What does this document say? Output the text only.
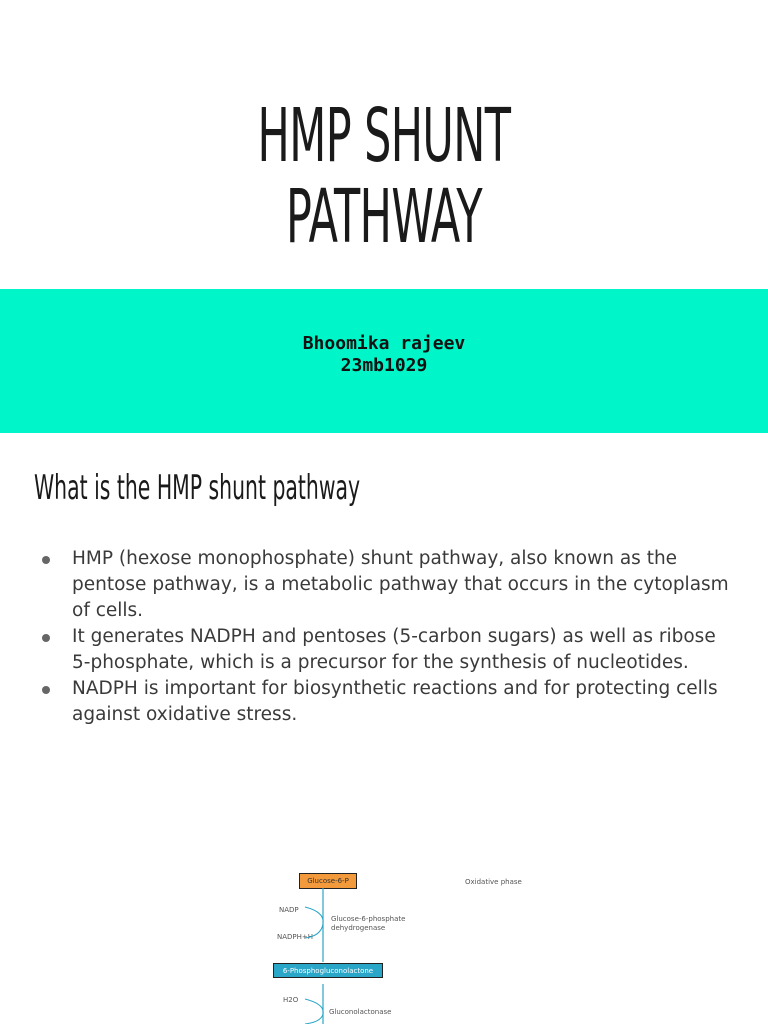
HMP SHUNT PATHWAY
Bhoomika rajeev
23mb1029
What is the HMP shunt pathway
HMP (hexose monophosphate) shunt pathway, also known as the pentose pathway, is a metabolic pathway that occurs in the cytoplasm of cells.
It generates NADPH and pentoses (5-carbon sugars) as well as ribose 5-phosphate, which is a precursor for the synthesis of nucleotides.
NADPH is important for biosynthetic reactions and for protecting cells against oxidative stress.
Glucose-6-P	Oxidative phase
NADP
NADPH+H
Glucose-6-phosphate dehydrogenase
6-Phosphogluconolactone
H2O
Gluconolactonase
